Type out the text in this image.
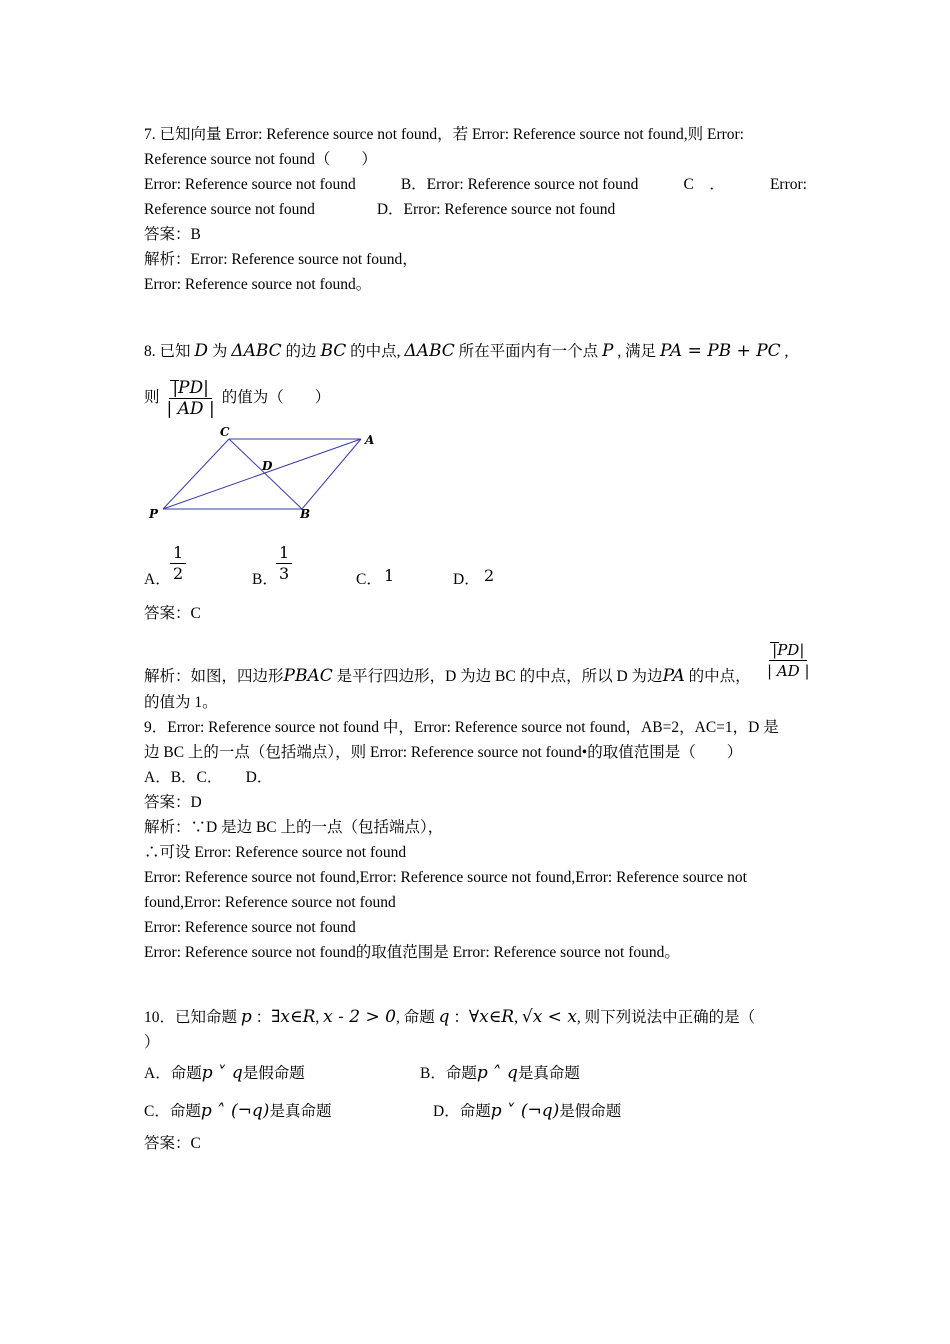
7. 已知向量 Error: Reference source not found，若 Error: Reference source not found,则 Error:
Reference source not found（　　）
Error: Reference source not found	B．Error: Reference source not found	C　．	Error:
Reference source not found	D．Error: Reference source not found
答案：B
解析：Error: Reference source not found，
Error: Reference source not found。
8. 已知 D 为 ΔABC 的边 BC 的中点, ΔABC 所在平面内有一个点 P , 满足 PA = PB + PC ,
则 $\frac{|PD|}{| AD |}$ 的值为（　　）
C
A
D
P	B
A． $\frac{1}{2}$	B．
$\frac{1}{3}$	C． 1	D． 2
答案：C
解析：如图，四边形PBAC 是平行四边形，D 为边 BC 的中点，所以 D 为边PA 的中点， $\frac{|PD|}{| AD |}$
的值为 1。
9．Error: Reference source not found 中，Error: Reference source not found，AB=2，AC=1，D 是
边 BC 上的一点（包括端点），则 Error: Reference source not found•的取值范围是（　　）
A．B．C．　　D．
答案：D
解析：∵D 是边 BC 上的一点（包括端点），
∴可设 Error: Reference source not found
Error: Reference source not found,Error: Reference source not found,Error: Reference source not
found,Error: Reference source not found
Error: Reference source not found
Error: Reference source not found的取值范围是 Error: Reference source not found。
10．已知命题 p ：∃x∈R, x - 2 > 0, 命题 q ：∀x∈R, √x < x, 则下列说法中正确的是（
）
A．命题p ˅ q是假命题	B．命题p ˄ q是真命题
C．命题p ˄ (¬q)是真命题	D．命题p ˅ (¬q)是假命题
答案：C
